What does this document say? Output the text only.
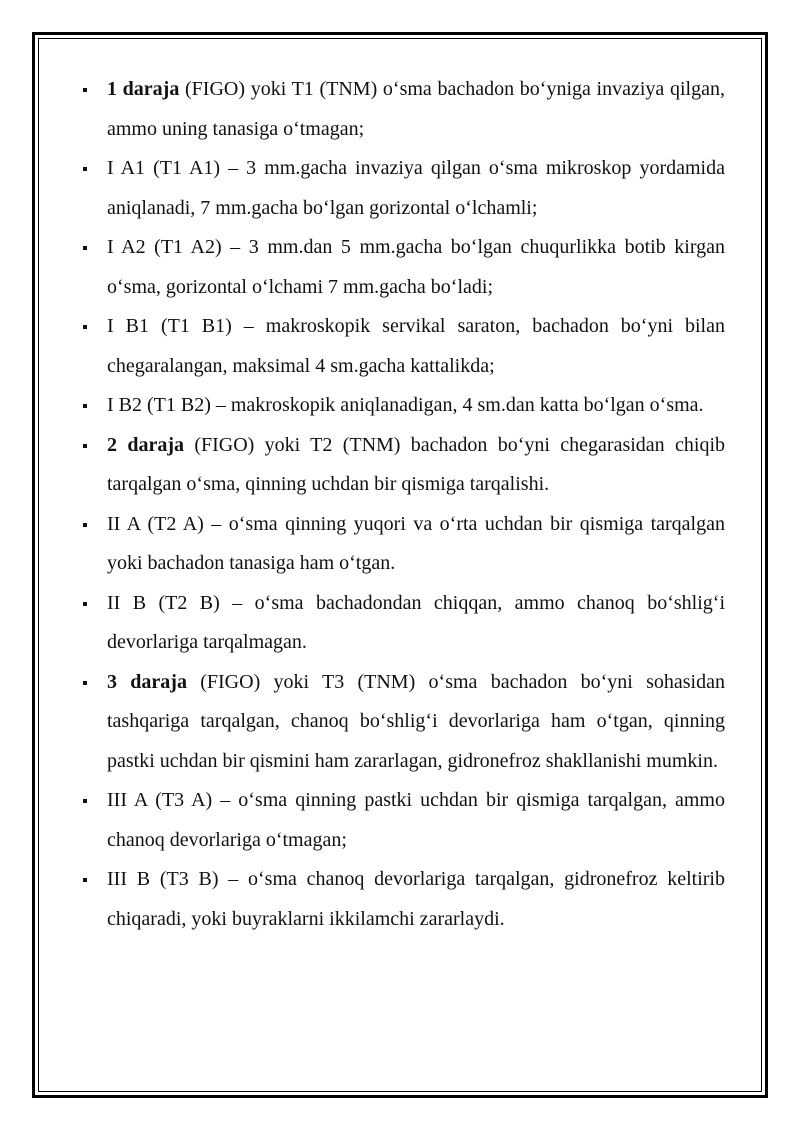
1 daraja (FIGO) yoki T1 (TNM) o‘sma bachadon bo‘yniga invaziya qilgan, ammo uning tanasiga o‘tmagan;
I A1 (T1 A1) – 3 mm.gacha invaziya qilgan o‘sma mikroskop yordamida aniqlanadi, 7 mm.gacha bo‘lgan gorizontal o‘lchamli;
I A2 (T1 A2) – 3 mm.dan 5 mm.gacha bo‘lgan chuqurlikka botib kirgan o‘sma, gorizontal o‘lchami 7 mm.gacha bo‘ladi;
I B1 (T1 B1) – makroskopik servikal saraton, bachadon bo‘yni bilan chegaralangan, maksimal 4 sm.gacha kattalikda;
I B2 (T1 B2) – makroskopik aniqlanadigan, 4 sm.dan katta bo‘lgan o‘sma.
2 daraja (FIGO) yoki T2 (TNM) bachadon bo‘yni chegarasidan chiqib tarqalgan o‘sma, qinning uchdan bir qismiga tarqalishi.
II A (T2 A) – o‘sma qinning yuqori va o‘rta uchdan bir qismiga tarqalgan yoki bachadon tanasiga ham o‘tgan.
II B (T2 B) – o‘sma bachadondan chiqqan, ammo chanoq bo‘shlig‘i devorlariga tarqalmagan.
3 daraja (FIGO) yoki T3 (TNM) o‘sma bachadon bo‘yni sohasidan tashqariga tarqalgan, chanoq bo‘shlig‘i devorlariga ham o‘tgan, qinning pastki uchdan bir qismini ham zararlagan, gidronefroz shakllanishi mumkin.
III A (T3 A) – o‘sma qinning pastki uchdan bir qismiga tarqalgan, ammo chanoq devorlariga o‘tmagan;
III B (T3 B) – o‘sma chanoq devorlariga tarqalgan, gidronefroz keltirib chiqaradi, yoki buyraklarni ikkilamchi zararlaydi.
